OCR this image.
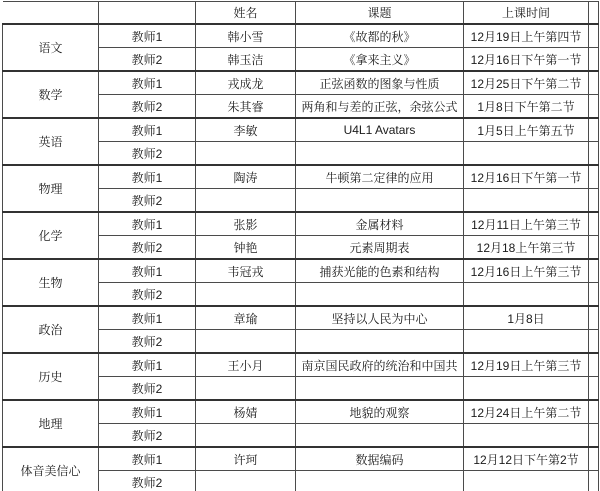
		姓名	课题	上课时间	
语文	教师1	韩小雪	《故都的秋》	12月19日上午第四节	
	教师2	韩玉洁	《拿来主义》	12月16日下午第一节	
数学	教师1	戎成龙	正弦函数的图象与性质	12月25日下午第二节	
	教师2	朱其睿	两角和与差的正弦，余弦公式	1月8日下午第二节	
英语	教师1	李敏	U4L1 Avatars	1月5日上午第五节	
	教师2				
物理	教师1	陶涛	牛顿第二定律的应用	12月16日下午第一节	
	教师2				
化学	教师1	张影	金属材料	12月11日上午第三节	
	教师2	钟艳	元素周期表	12月18上午第三节	
生物	教师1	韦冠戎	捕获光能的色素和结构	12月16日上午第三节	
	教师2				
政治	教师1	章瑜	坚持以人民为中心	1月8日	
	教师2				
历史	教师1	王小月	南京国民政府的统治和中国共	12月19日上午第三节	
	教师2				
地理	教师1	杨婧	地貌的观察	12月24日上午第二节	
	教师2				
体音美信心	教师1	许珂	数据编码	12月12日下午第2节	
	教师2				
